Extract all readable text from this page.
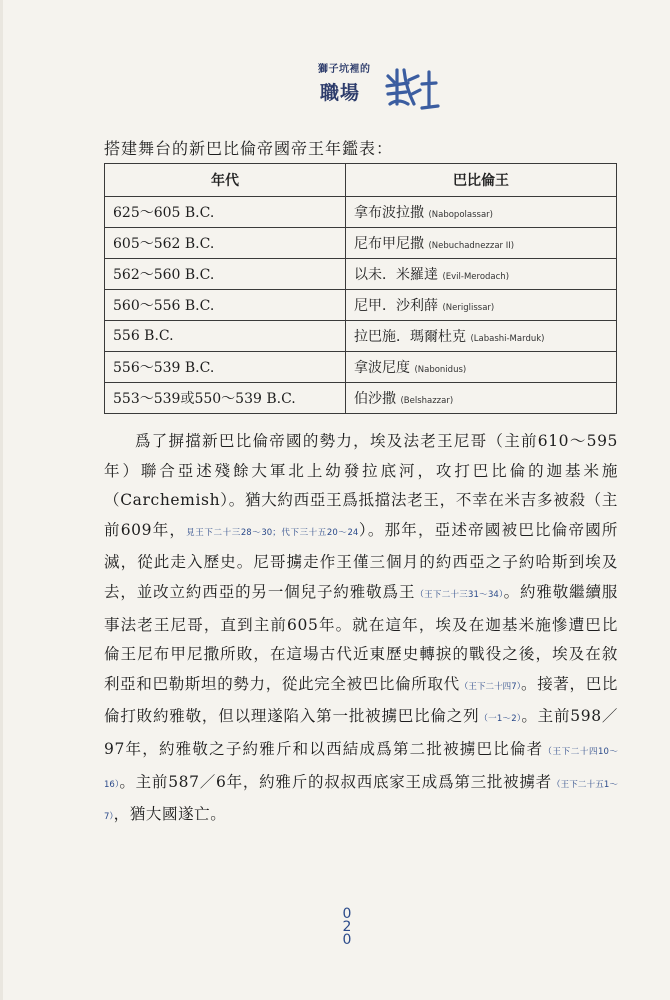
獅子坑裡的
職場
搭建舞台的新巴比倫帝國帝王年鑑表：
年代	巴比倫王
625～605 B.C.	拿布波拉撒 (Nabopolassar)
605～562 B.C.	尼布甲尼撒 (Nebuchadnezzar II)
562～560 B.C.	以未．米羅達 (Evil-Merodach)
560～556 B.C.	尼甲．沙利薛 (Neriglissar)
556 B.C.	拉巴施．瑪爾杜克 (Labashi-Marduk)
556～539 B.C.	拿波尼度 (Nabonidus)
553～539或550～539 B.C.	伯沙撒 (Belshazzar)

爲了摒擋新巴比倫帝國的勢力，埃及法老王尼哥（主前610～595年）聯合亞述殘餘大軍北上幼發拉底河，攻打巴比倫的迦基米施（Carchemish）。猶大約西亞王爲抵擋法老王，不幸在米吉多被殺（主前609年，見王下二十三28～30；代下三十五20～24）。那年，亞述帝國被巴比倫帝國所滅，從此走入歷史。尼哥擄走作王僅三個月的約西亞之子約哈斯到埃及去，並改立約西亞的另一個兒子約雅敬爲王（王下二十三31～34）。約雅敬繼續服事法老王尼哥，直到主前605年。就在這年，埃及在迦基米施慘遭巴比倫王尼布甲尼撒所敗，在這場古代近東歷史轉捩的戰役之後，埃及在敘利亞和巴勒斯坦的勢力，從此完全被巴比倫所取代（王下二十四7）。接著，巴比倫打敗約雅敬，但以理遂陷入第一批被擄巴比倫之列（一1～2）。主前598／97年，約雅敬之子約雅斤和以西結成爲第二批被擄巴比倫者（王下二十四10～16）。主前587／6年，約雅斤的叔叔西底家王成爲第三批被擄者（王下二十五1～7），猶大國遂亡。

0
2
0
